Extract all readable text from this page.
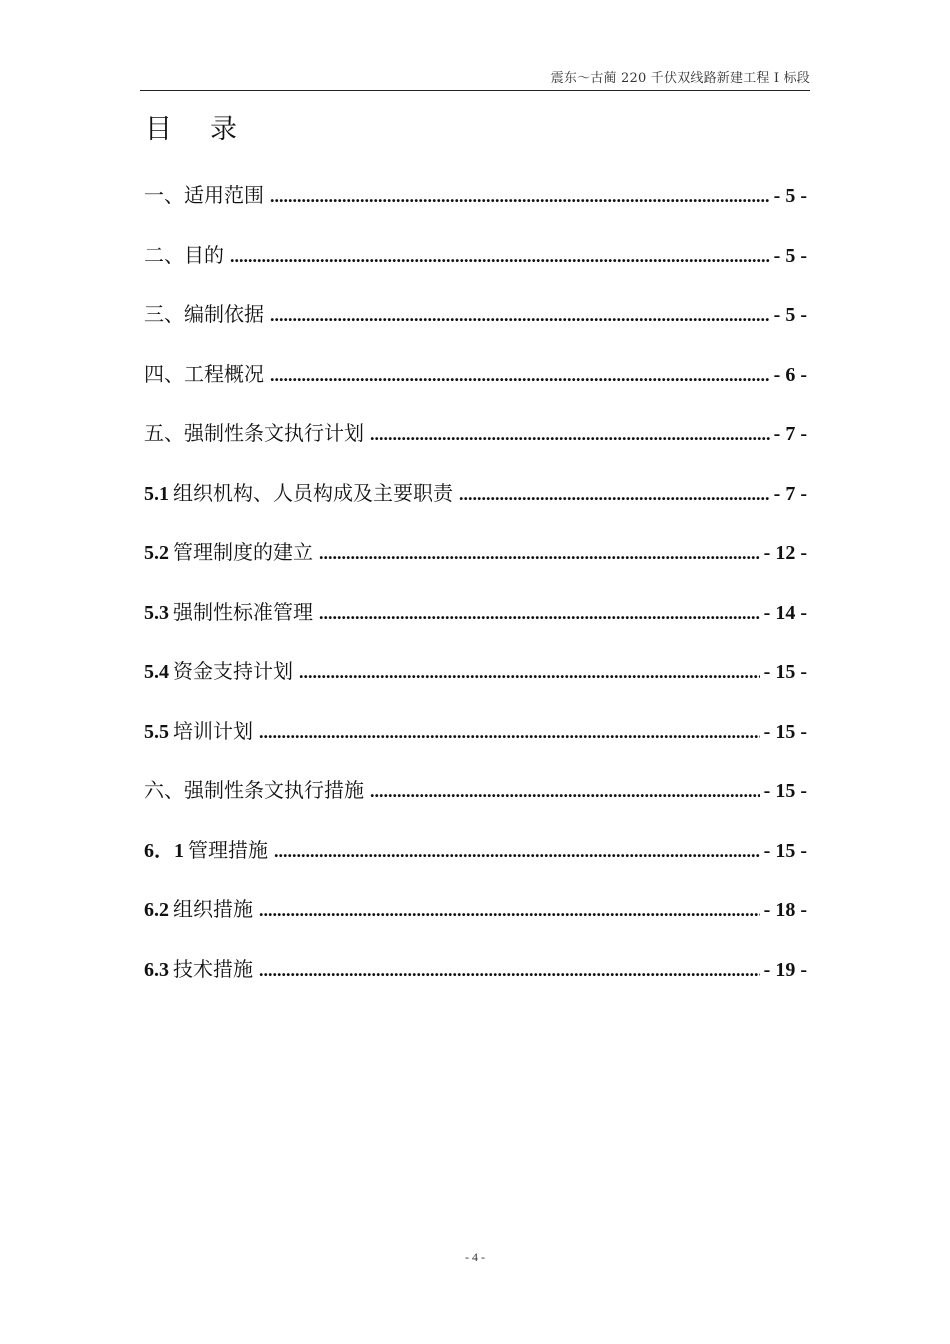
震东～古蔺 220 千伏双线路新建工程 I 标段
目 录
一、适用范围 .....	- 5 -
二、目的 .....	- 5 -
三、编制依据 .....	- 5 -
四、工程概况 .....	- 6 -
五、强制性条文执行计划 .....	- 7 -
5.1 组织机构、人员构成及主要职责 .....	- 7 -
5.2 管理制度的建立 .....	- 12 -
5.3 强制性标准管理 .....	- 14 -
5.4 资金支持计划 .....	- 15 -
5.5 培训计划 .....	- 15 -
六、强制性条文执行措施 .....	- 15 -
6．1 管理措施 .....	- 15 -
6.2 组织措施 .....	- 18 -
6.3 技术措施 .....	- 19 -
- 4 -
